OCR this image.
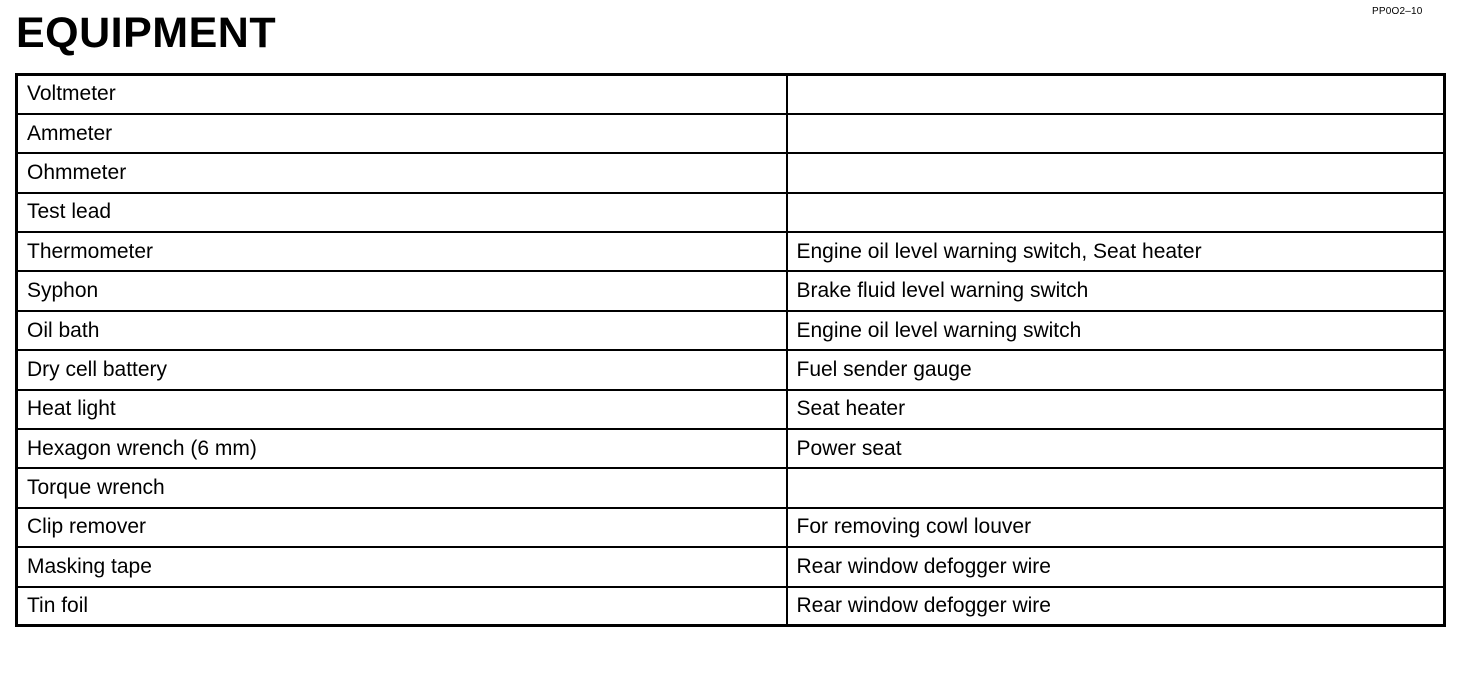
PP0O2–10
EQUIPMENT
Voltmeter	
Ammeter	
Ohmmeter	
Test lead	
Thermometer	Engine oil level warning switch, Seat heater
Syphon	Brake fluid level warning switch
Oil bath	Engine oil level warning switch
Dry cell battery	Fuel sender gauge
Heat light	Seat heater
Hexagon wrench (6 mm)	Power seat
Torque wrench	
Clip remover	For removing cowl louver
Masking tape	Rear window defogger wire
Tin foil	Rear window defogger wire
